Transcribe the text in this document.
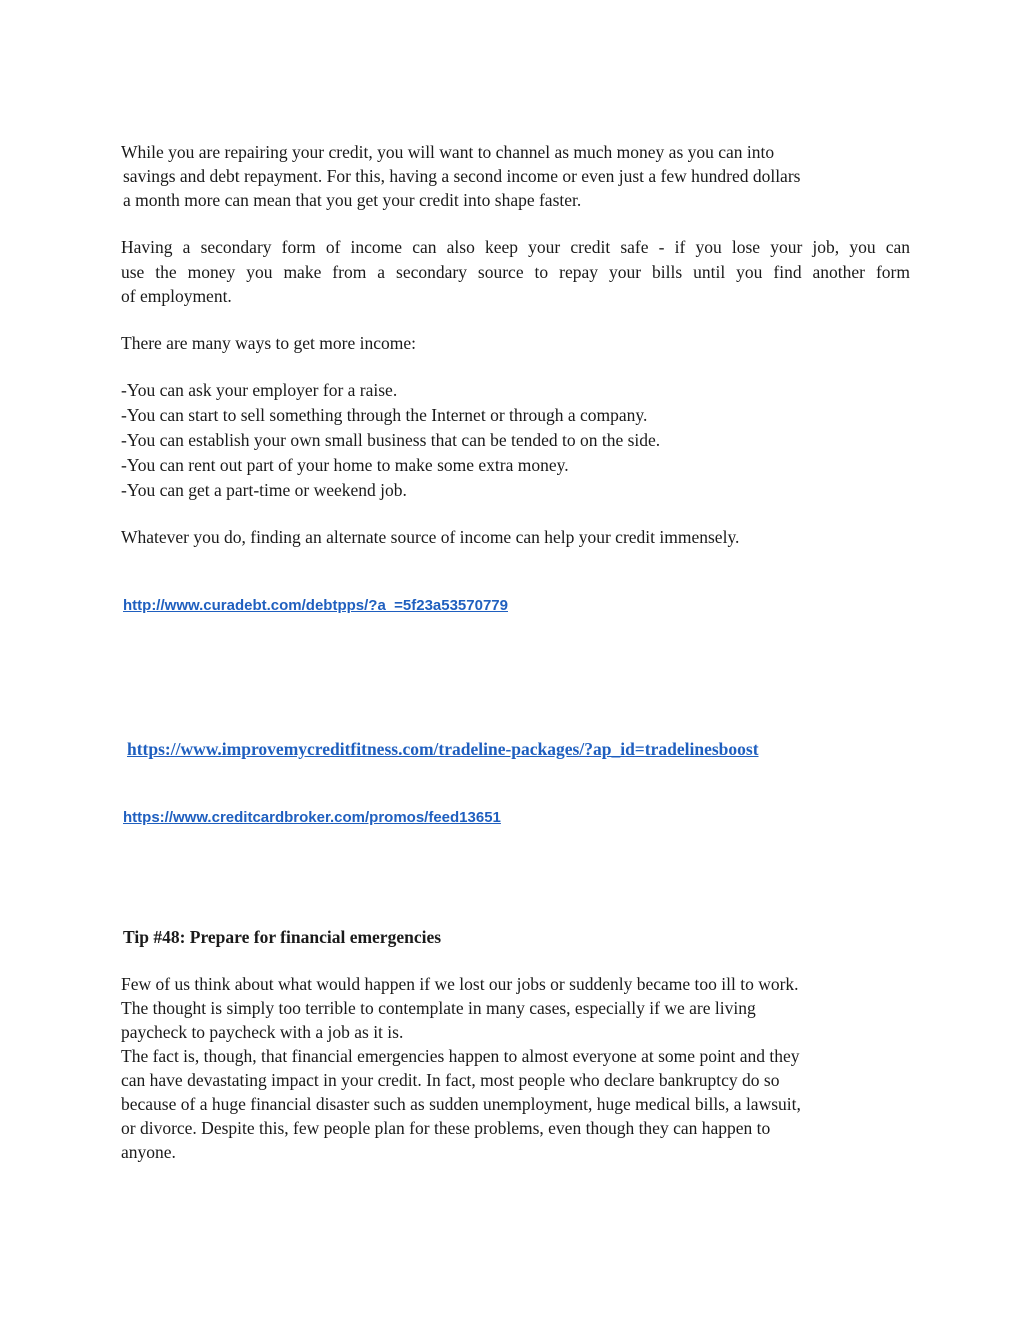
While you are repairing your credit, you will want to channel as much money as you can into
savings and debt repayment. For this, having a second income or even just a few hundred dollars
a month more can mean that you get your credit into shape faster.
Having a secondary form of income can also keep your credit safe - if you lose your job, you can
use the money you make from a secondary source to repay your bills until you find another form
of employment.
There are many ways to get more income:
-You can ask your employer for a raise.
-You can start to sell something through the Internet or through a company.
-You can establish your own small business that can be tended to on the side.
-You can rent out part of your home to make some extra money.
-You can get a part-time or weekend job.
Whatever you do, finding an alternate source of income can help your credit immensely.
http://www.curadebt.com/debtpps/?a_=5f23a53570779
https://www.improvemycreditfitness.com/tradeline-packages/?ap_id=tradelinesboost
https://www.creditcardbroker.com/promos/feed13651
Tip #48: Prepare for financial emergencies
Few of us think about what would happen if we lost our jobs or suddenly became too ill to work.
The thought is simply too terrible to contemplate in many cases, especially if we are living
paycheck to paycheck with a job as it is.
The fact is, though, that financial emergencies happen to almost everyone at some point and they
can have devastating impact in your credit. In fact, most people who declare bankruptcy do so
because of a huge financial disaster such as sudden unemployment, huge medical bills, a lawsuit,
or divorce. Despite this, few people plan for these problems, even though they can happen to
anyone.
